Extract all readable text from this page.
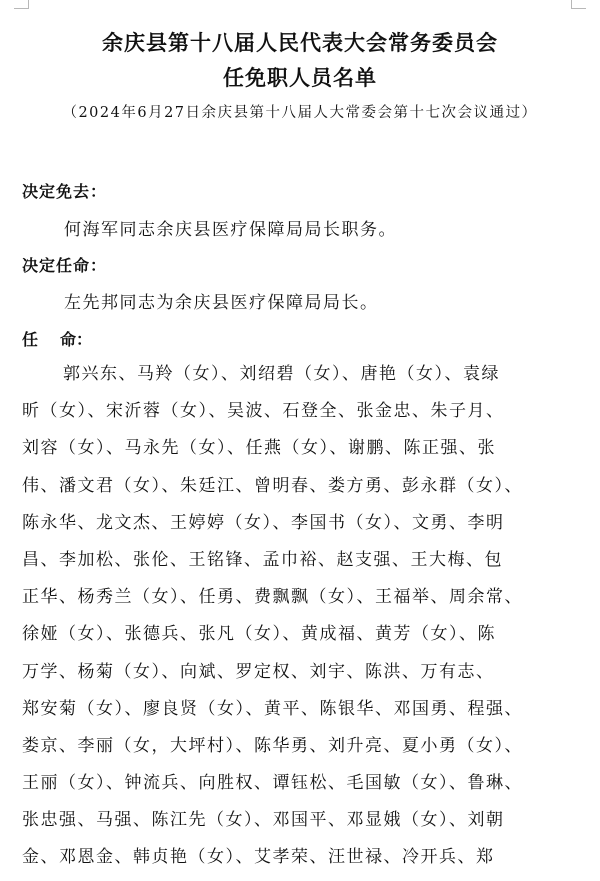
余庆县第十八届人民代表大会常务委员会
任免职人员名单
（2024年6月27日余庆县第十八届人大常委会第十七次会议通过）
决定免去：
何海军同志余庆县医疗保障局局长职务。
决定任命：
左先邦同志为余庆县医疗保障局局长。
任 命：
郭兴东、马羚（女）、刘绍碧（女）、唐艳（女）、袁绿
昕（女）、宋沂蓉（女）、吴波、石登全、张金忠、朱子月、
刘容（女）、马永先（女）、任燕（女）、谢鹏、陈正强、张
伟、潘文君（女）、朱廷江、曾明春、娄方勇、彭永群（女）、
陈永华、龙文杰、王婷婷（女）、李国书（女）、文勇、李明
昌、李加松、张伦、王铭锋、孟巾裕、赵支强、王大梅、包
正华、杨秀兰（女）、任勇、费飘飘（女）、王福举、周余常、
徐娅（女）、张德兵、张凡（女）、黄成福、黄芳（女）、陈
万学、杨菊（女）、向斌、罗定权、刘宇、陈洪、万有志、
郑安菊（女）、廖良贤（女）、黄平、陈银华、邓国勇、程强、
娄京、李丽（女，大坪村）、陈华勇、刘升亮、夏小勇（女）、
王丽（女）、钟流兵、向胜权、谭钰松、毛国敏（女）、鲁琳、
张忠强、马强、陈江先（女）、邓国平、邓显娥（女）、刘朝
金、邓恩金、韩贞艳（女）、艾孝荣、汪世禄、冷开兵、郑
